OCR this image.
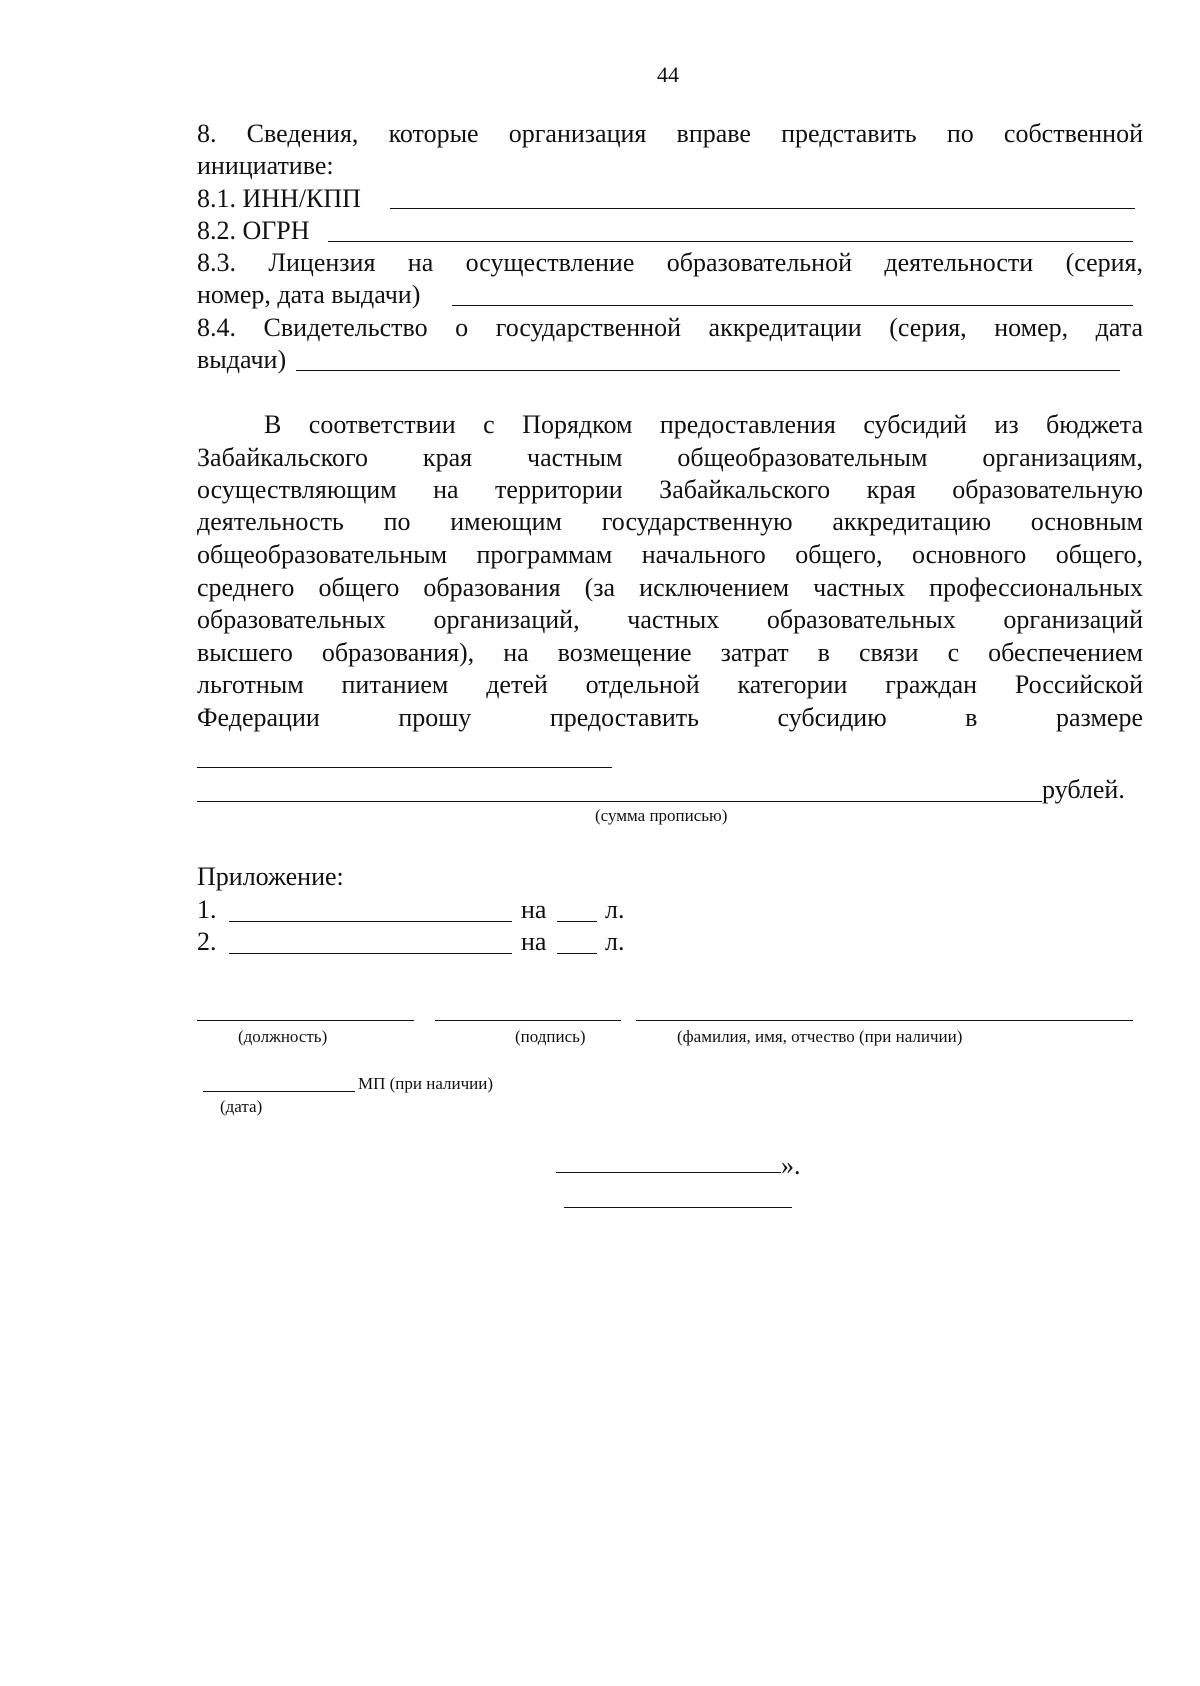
44
8. Сведения, которые организация вправе представить по собственной
инициативе:
8.1. ИНН/КПП
8.2. ОГРН
8.3. Лицензия на осуществление образовательной деятельности (серия,
номер, дата выдачи)
8.4. Свидетельство о государственной аккредитации (серия, номер, дата
выдачи)
В соответствии с Порядком предоставления субсидий из бюджета
Забайкальского края частным общеобразовательным организациям,
осуществляющим на территории Забайкальского края образовательную
деятельность по имеющим государственную аккредитацию основным
общеобразовательным программам начального общего, основного общего,
среднего общего образования (за исключением частных профессиональных
образовательных организаций, частных образовательных организаций
высшего образования), на возмещение затрат в связи с обеспечением
льготным питанием детей отдельной категории граждан Российской
Федерации прошу предоставить субсидию в размере
рублей.
(сумма прописью)
Приложение:
1.	на л.
2.	на л.
(должность)	(подпись)	(фамилия, имя, отчество (при наличии)
МП (при наличии)
(дата)
».
